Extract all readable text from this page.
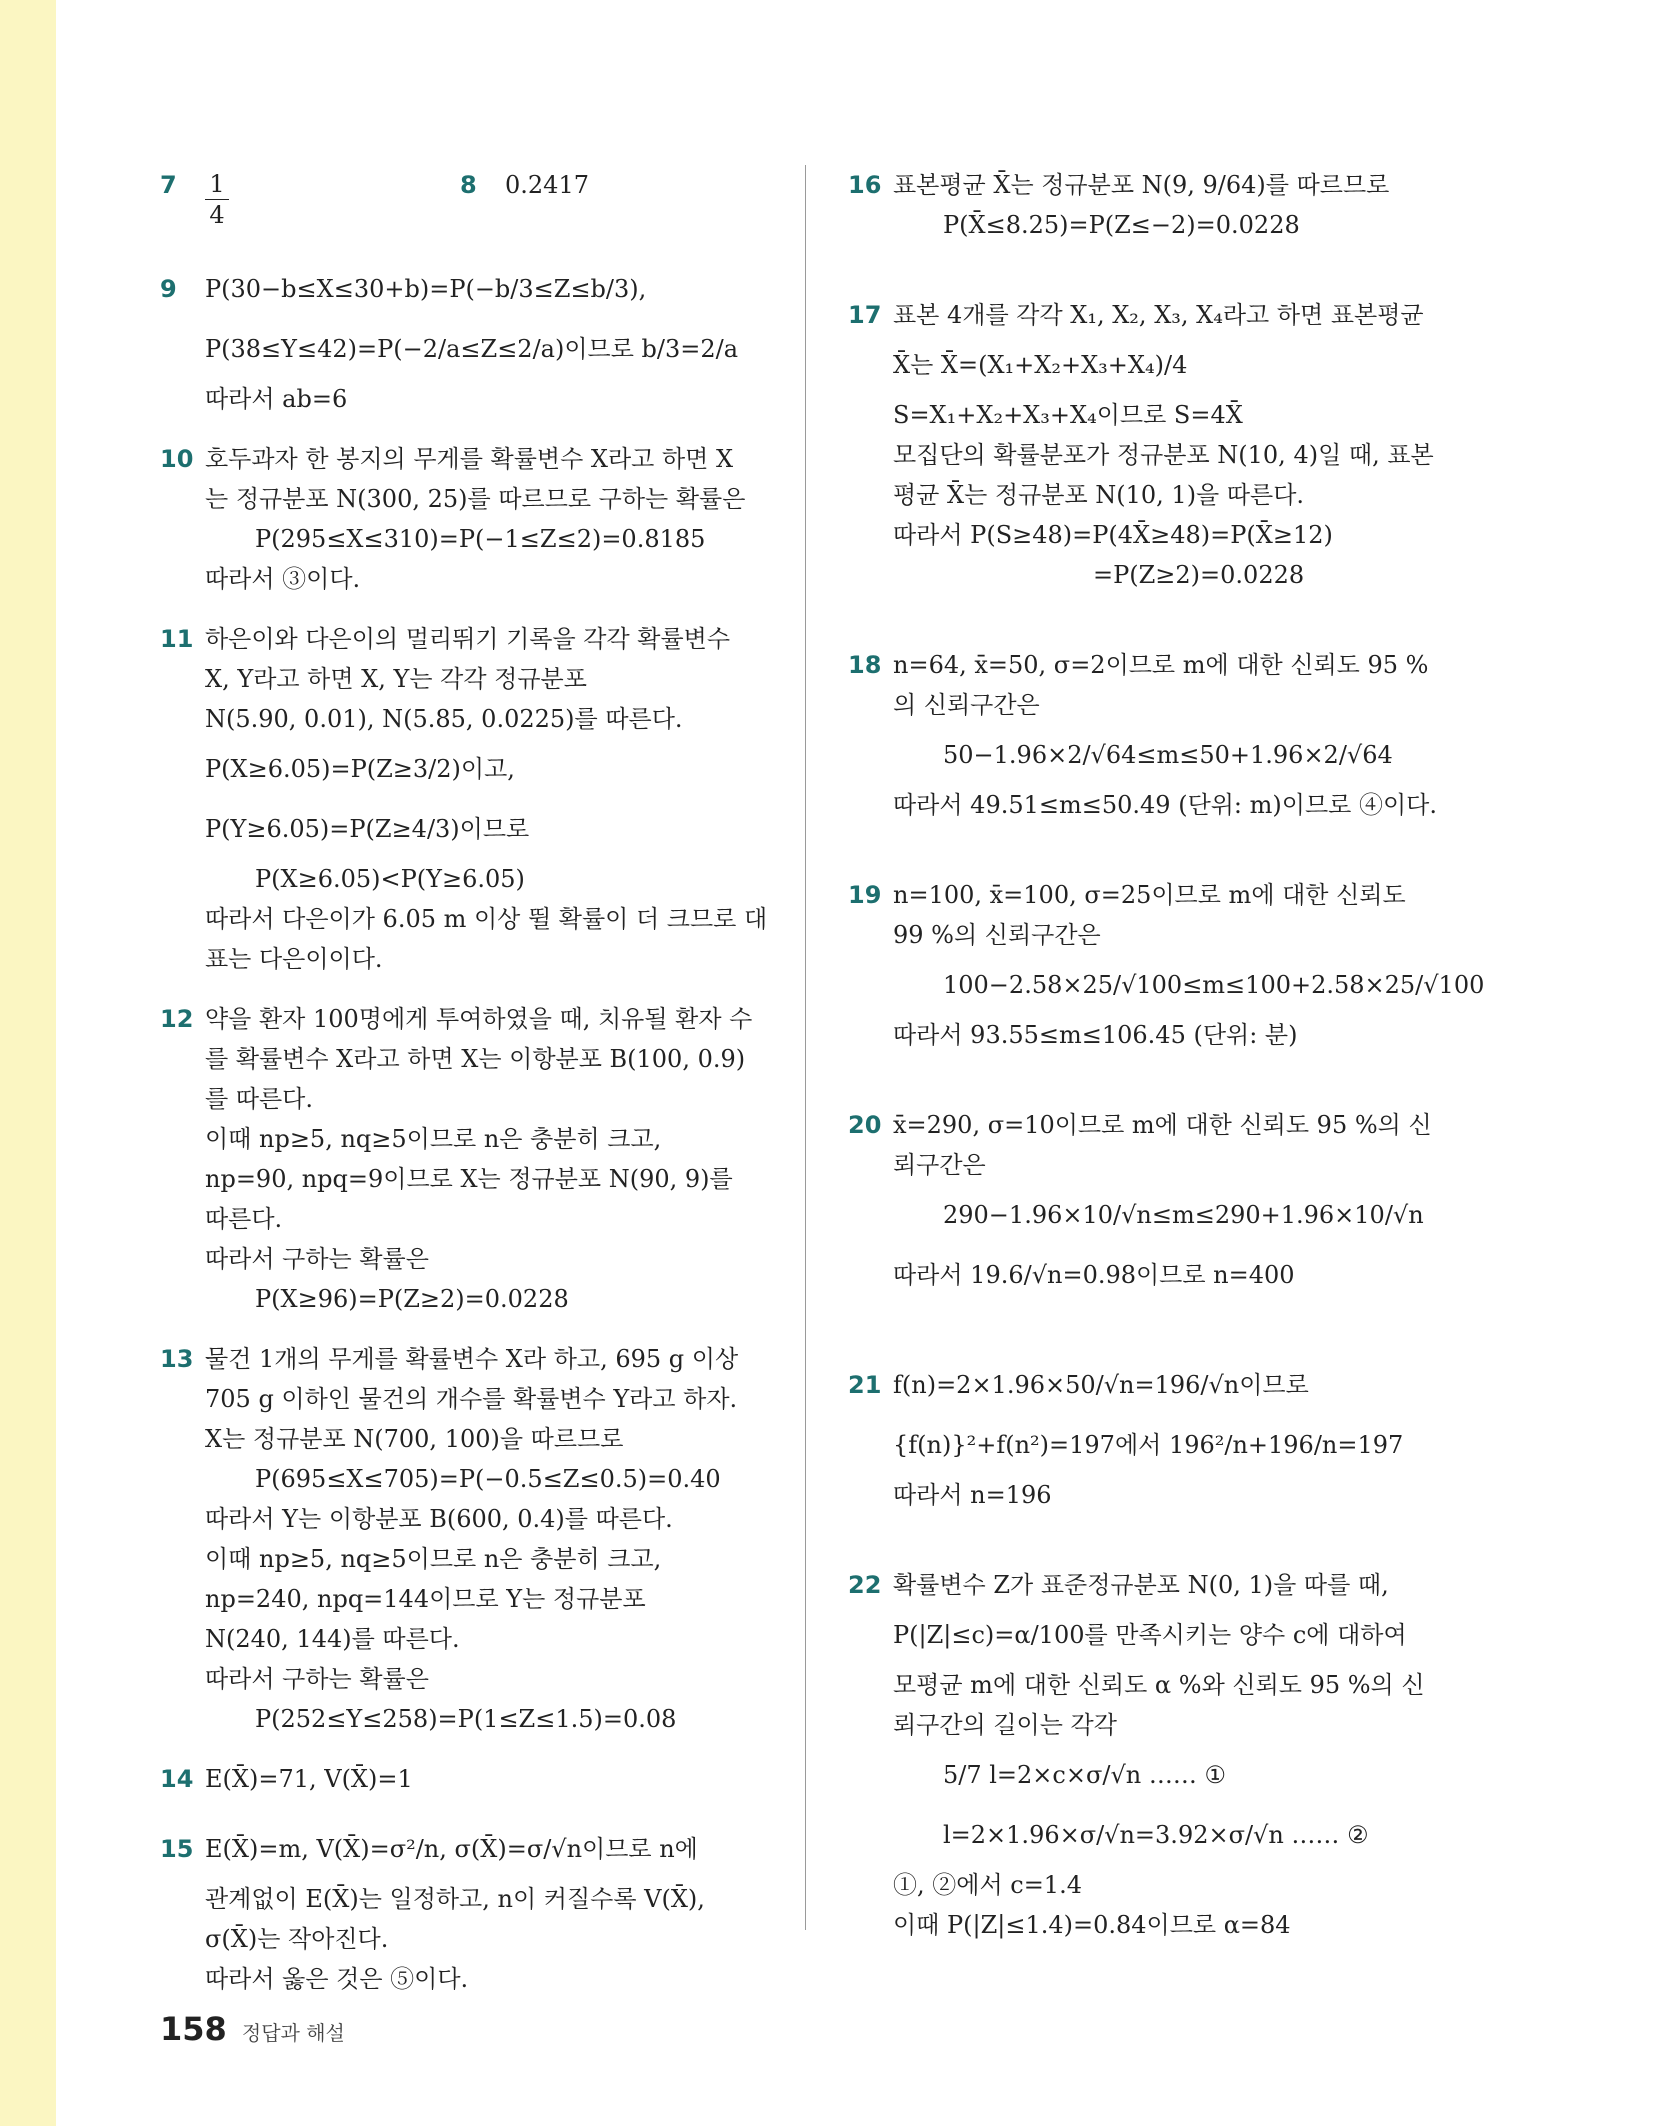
$7 \frac{1}{4}$	8 0.2417
9 P(30−b≤X≤30+b)=P(−b/3≤Z≤b/3),
P(38≤Y≤42)=P(−2/a≤Z≤2/a)이므로 b/3=2/a
따라서 ab=6
10 호두과자 한 봉지의 무게를 확률변수 X라고 하면 X
는 정규분포 N(300, 25)를 따르므로 구하는 확률은
P(295≤X≤310)=P(−1≤Z≤2)=0.8185
따라서 ③이다.
11 하은이와 다은이의 멀리뛰기 기록을 각각 확률변수
X, Y라고 하면 X, Y는 각각 정규분포
N(5.90, 0.01), N(5.85, 0.0225)를 따른다.
P(X≥6.05)=P(Z≥3/2)이고,
P(Y≥6.05)=P(Z≥4/3)이므로
P(X≥6.05)<P(Y≥6.05)
따라서 다은이가 6.05 m 이상 뛸 확률이 더 크므로 대
표는 다은이이다.
12 약을 환자 100명에게 투여하였을 때, 치유될 환자 수
를 확률변수 X라고 하면 X는 이항분포 B(100, 0.9)
를 따른다.
이때 np≥5, nq≥5이므로 n은 충분히 크고,
np=90, npq=9이므로 X는 정규분포 N(90, 9)를
따른다.
따라서 구하는 확률은
P(X≥96)=P(Z≥2)=0.0228
13 물건 1개의 무게를 확률변수 X라 하고, 695 g 이상
705 g 이하인 물건의 개수를 확률변수 Y라고 하자.
X는 정규분포 N(700, 100)을 따르므로
P(695≤X≤705)=P(−0.5≤Z≤0.5)=0.40
따라서 Y는 이항분포 B(600, 0.4)를 따른다.
이때 np≥5, nq≥5이므로 n은 충분히 크고,
np=240, npq=144이므로 Y는 정규분포
N(240, 144)를 따른다.
따라서 구하는 확률은
P(252≤Y≤258)=P(1≤Z≤1.5)=0.08
14 E(X̄)=71, V(X̄)=1
15 E(X̄)=m, V(X̄)=σ²/n, σ(X̄)=σ/√n이므로 n에
관계없이 E(X̄)는 일정하고, n이 커질수록 V(X̄),
σ(X̄)는 작아진다.
따라서 옳은 것은 ⑤이다.
16 표본평균 X̄는 정규분포 N(9, 9/64)를 따르므로
P(X̄≤8.25)=P(Z≤−2)=0.0228
17 표본 4개를 각각 X₁, X₂, X₃, X₄라고 하면 표본평균
X̄는 X̄=(X₁+X₂+X₃+X₄)/4
S=X₁+X₂+X₃+X₄이므로 S=4X̄
모집단의 확률분포가 정규분포 N(10, 4)일 때, 표본
평균 X̄는 정규분포 N(10, 1)을 따른다.
따라서 P(S≥48)=P(4X̄≥48)=P(X̄≥12)
=P(Z≥2)=0.0228
18 n=64, x̄=50, σ=2이므로 m에 대한 신뢰도 95 %
의 신뢰구간은
50−1.96×2/√64≤m≤50+1.96×2/√64
따라서 49.51≤m≤50.49 (단위: m)이므로 ④이다.
19 n=100, x̄=100, σ=25이므로 m에 대한 신뢰도
99 %의 신뢰구간은
100−2.58×25/√100≤m≤100+2.58×25/√100
따라서 93.55≤m≤106.45 (단위: 분)
20 x̄=290, σ=10이므로 m에 대한 신뢰도 95 %의 신
뢰구간은
290−1.96×10/√n≤m≤290+1.96×10/√n
따라서 19.6/√n=0.98이므로 n=400
21 f(n)=2×1.96×50/√n=196/√n이므로
{f(n)}²+f(n²)=197에서 196²/n+196/n=197
따라서 n=196
22 확률변수 Z가 표준정규분포 N(0, 1)을 따를 때,
P(|Z|≤c)=α/100를 만족시키는 양수 c에 대하여
모평균 m에 대한 신뢰도 α %와 신뢰도 95 %의 신
뢰구간의 길이는 각각
5/7 l=2×c×σ/√n …… ①
l=2×1.96×σ/√n=3.92×σ/√n …… ②
①, ②에서 c=1.4
이때 P(|Z|≤1.4)=0.84이므로 α=84
158 정답과 해설
